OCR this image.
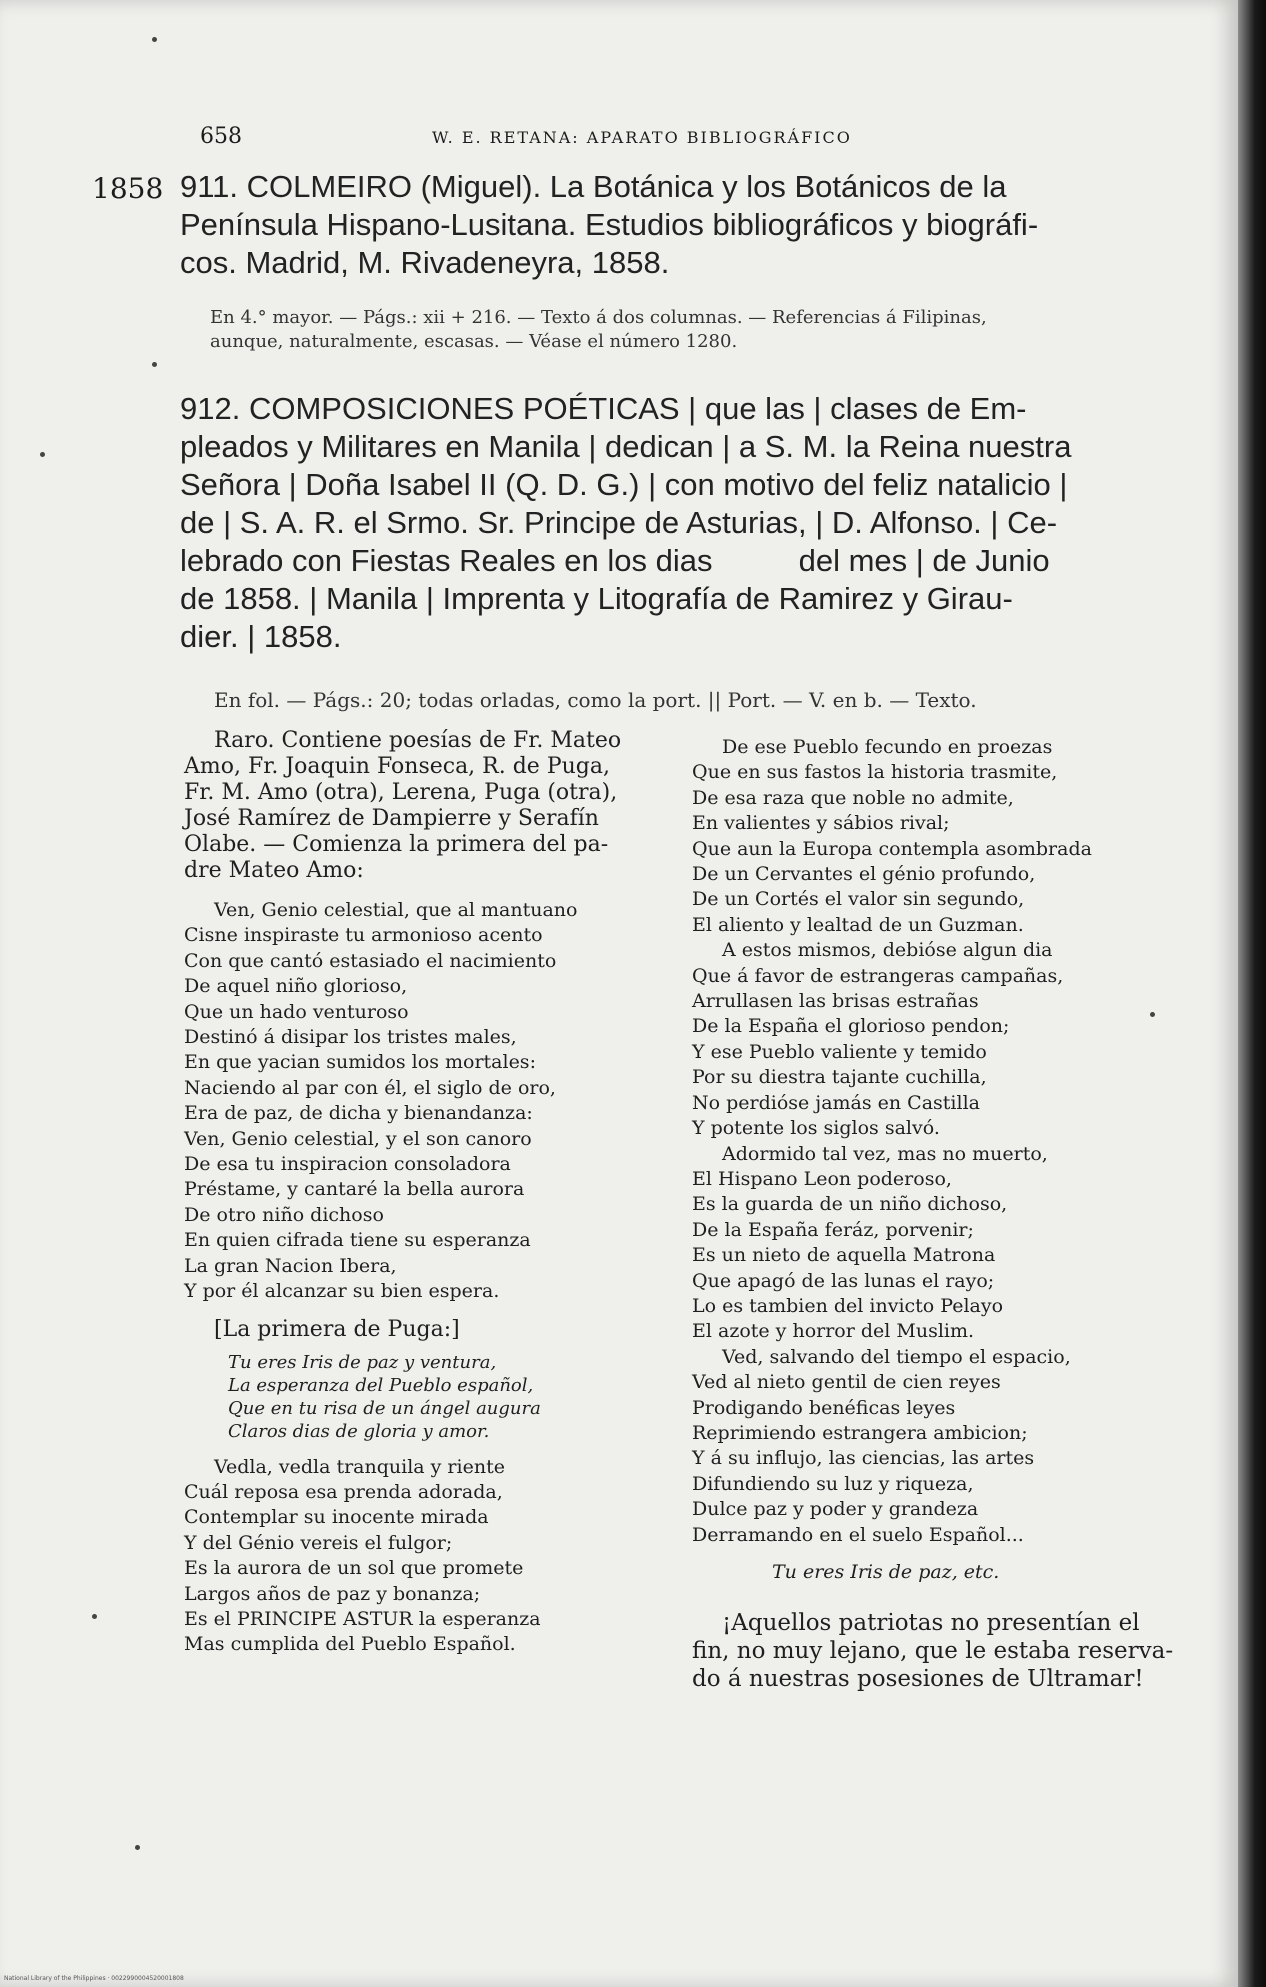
658	W. E. RETANA: APARATO BIBLIOGRÁFICO
1858 911. COLMEIRO (Miguel). La Botánica y los Botánicos de la
Península Hispano-Lusitana. Estudios bibliográficos y biográfi-
cos. Madrid, M. Rivadeneyra, 1858.
En 4.° mayor. — Págs.: xii + 216. — Texto á dos columnas. — Referencias á Filipinas,
aunque, naturalmente, escasas. — Véase el número 1280.
912. COMPOSICIONES POÉTICAS | que las | clases de Em-
pleados y Militares en Manila | dedican | a S. M. la Reina nuestra
Señora | Doña Isabel II (Q. D. G.) | con motivo del feliz natalicio |
de | S. A. R. el Srmo. Sr. Principe de Asturias, | D. Alfonso. | Ce-
lebrado con Fiestas Reales en los dias          del mes | de Junio
de 1858. | Manila | Imprenta y Litografía de Ramirez y Girau-
dier. | 1858.
En fol. — Págs.: 20; todas orladas, como la port. || Port. — V. en b. — Texto.
Raro. Contiene poesías de Fr. Mateo
Amo, Fr. Joaquin Fonseca, R. de Puga,
Fr. M. Amo (otra), Lerena, Puga (otra),
José Ramírez de Dampierre y Serafín
Olabe. — Comienza la primera del pa-
dre Mateo Amo:
Ven, Genio celestial, que al mantuano
Cisne inspiraste tu armonioso acento
Con que cantó estasiado el nacimiento
De aquel niño glorioso,
Que un hado venturoso
Destinó á disipar los tristes males,
En que yacian sumidos los mortales:
Naciendo al par con él, el siglo de oro,
Era de paz, de dicha y bienandanza:
Ven, Genio celestial, y el son canoro
De esa tu inspiracion consoladora
Préstame, y cantaré la bella aurora
De otro niño dichoso
En quien cifrada tiene su esperanza
La gran Nacion Ibera,
Y por él alcanzar su bien espera.
[La primera de Puga:]
Tu eres Iris de paz y ventura,
La esperanza del Pueblo español,
Que en tu risa de un ángel augura
Claros dias de gloria y amor.
Vedla, vedla tranquila y riente
Cuál reposa esa prenda adorada,
Contemplar su inocente mirada
Y del Génio vereis el fulgor;
Es la aurora de un sol que promete
Largos años de paz y bonanza;
Es el PRINCIPE ASTUR la esperanza
Mas cumplida del Pueblo Español.
De ese Pueblo fecundo en proezas
Que en sus fastos la historia trasmite,
De esa raza que noble no admite,
En valientes y sábios rival;
Que aun la Europa contempla asombrada
De un Cervantes el génio profundo,
De un Cortés el valor sin segundo,
El aliento y lealtad de un Guzman.
A estos mismos, debióse algun dia
Que á favor de estrangeras campañas,
Arrullasen las brisas estrañas
De la España el glorioso pendon;
Y ese Pueblo valiente y temido
Por su diestra tajante cuchilla,
No perdióse jamás en Castilla
Y potente los siglos salvó.
Adormido tal vez, mas no muerto,
El Hispano Leon poderoso,
Es la guarda de un niño dichoso,
De la España feráz, porvenir;
Es un nieto de aquella Matrona
Que apagó de las lunas el rayo;
Lo es tambien del invicto Pelayo
El azote y horror del Muslim.
Ved, salvando del tiempo el espacio,
Ved al nieto gentil de cien reyes
Prodigando benéficas leyes
Reprimiendo estrangera ambicion;
Y á su influjo, las ciencias, las artes
Difundiendo su luz y riqueza,
Dulce paz y poder y grandeza
Derramando en el suelo Español...
Tu eres Iris de paz, etc.
¡Aquellos patriotas no presentían el
fin, no muy lejano, que le estaba reserva-
do á nuestras posesiones de Ultramar!
National Library of the Philippines · 0022990004520001808
